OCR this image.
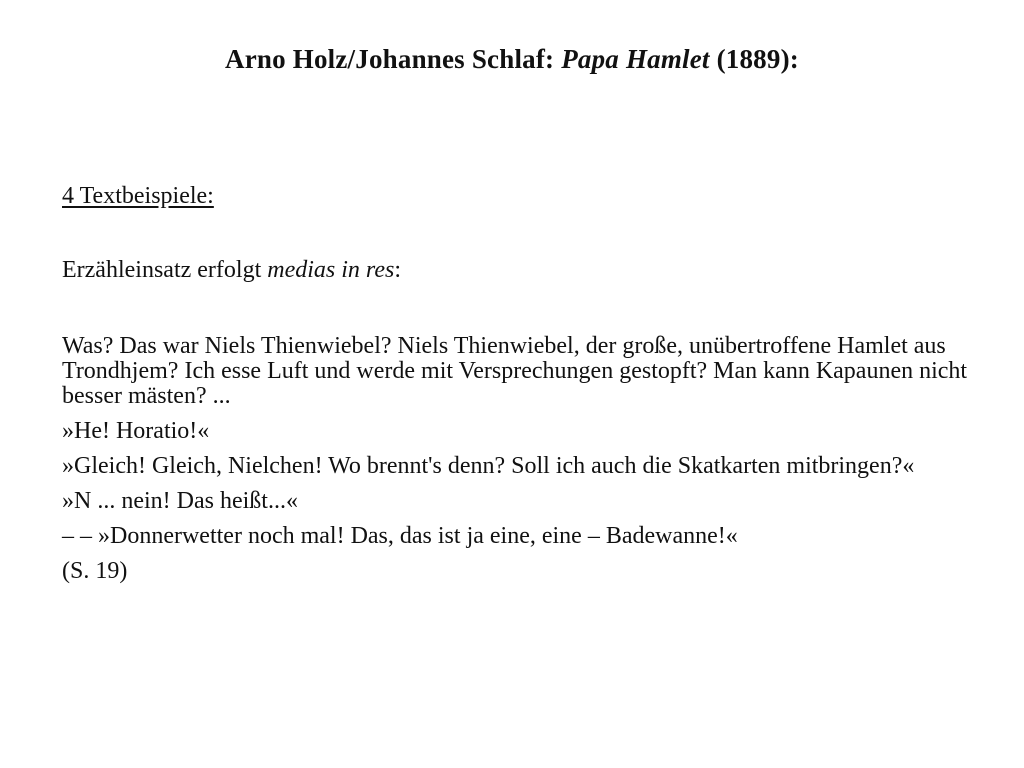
Arno Holz/Johannes Schlaf: Papa Hamlet (1889):
4 Textbeispiele:
Erzähleinsatz erfolgt medias in res:

Was? Das war Niels Thienwiebel? Niels Thienwiebel, der große, unübertroffene Hamlet aus Trondhjem? Ich esse Luft und werde mit Versprechungen gestopft? Man kann Kapaunen nicht besser mästen? ...

»He! Horatio!«

»Gleich! Gleich, Nielchen! Wo brennt's denn? Soll ich auch die Skatkarten mitbringen?«

»N ... nein! Das heißt...«

– – »Donnerwetter noch mal! Das, das ist ja eine, eine – Badewanne!«

(S. 19)
